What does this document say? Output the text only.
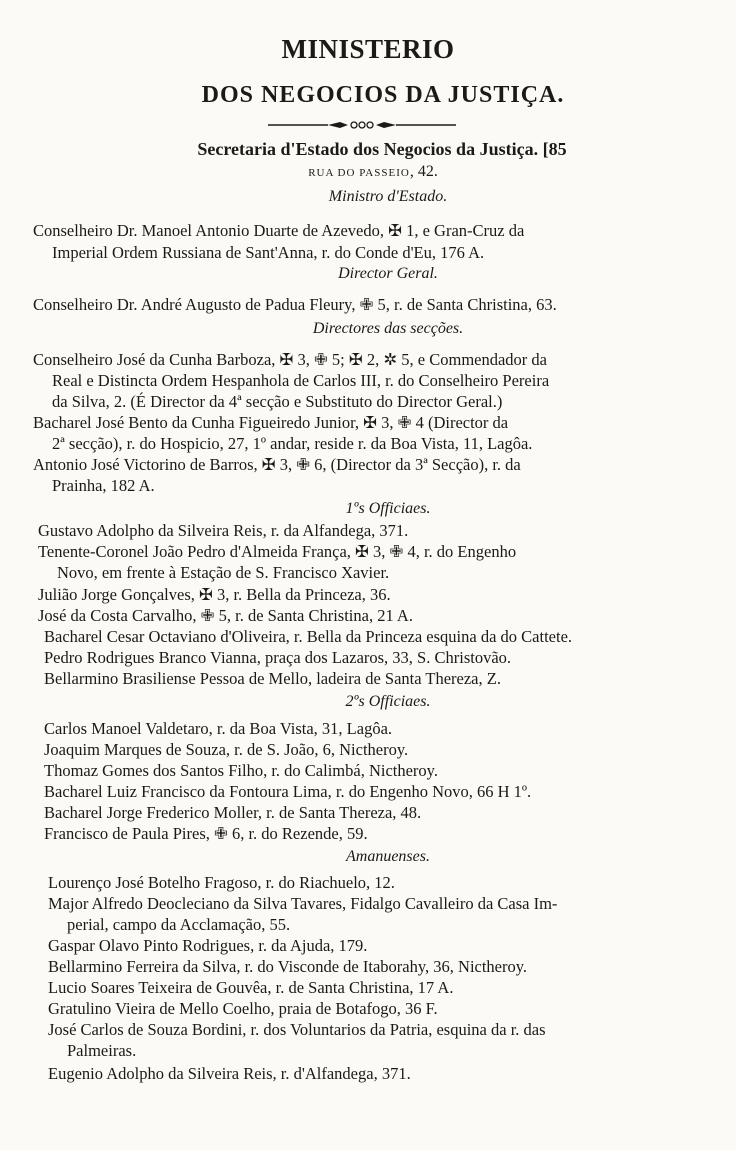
MINISTERIO
DOS NEGOCIOS DA JUSTIÇA.
Secretaria d'Estado dos Negocios da Justiça. [85
RUA DO PASSEIO, 42.
Ministro d'Estado.
Conselheiro Dr. Manoel Antonio Duarte de Azevedo, ✠ 1, e Gran-Cruz da
Imperial Ordem Russiana de Sant'Anna, r. do Conde d'Eu, 176 A.
Director Geral.
Conselheiro Dr. André Augusto de Padua Fleury, ✙ 5, r. de Santa Christina, 63.
Directores das secções.
Conselheiro José da Cunha Barboza, ✠ 3, ✙ 5; ✠ 2, ✲ 5, e Commendador da
Real e Distincta Ordem Hespanhola de Carlos III, r. do Conselheiro Pereira
da Silva, 2. (É Director da 4ª secção e Substituto do Director Geral.)
Bacharel José Bento da Cunha Figueiredo Junior, ✠ 3, ✙ 4 (Director da
2ª secção), r. do Hospicio, 27, 1º andar, reside r. da Boa Vista, 11, Lagôa.
Antonio José Victorino de Barros, ✠ 3, ✙ 6, (Director da 3ª Secção), r. da
Prainha, 182 A.
1ºs Officiaes.
Gustavo Adolpho da Silveira Reis, r. da Alfandega, 371.
Tenente-Coronel João Pedro d'Almeida França, ✠ 3, ✙ 4, r. do Engenho
Novo, em frente à Estação de S. Francisco Xavier.
Julião Jorge Gonçalves, ✠ 3, r. Bella da Princeza, 36.
José da Costa Carvalho, ✙ 5, r. de Santa Christina, 21 A.
Bacharel Cesar Octaviano d'Oliveira, r. Bella da Princeza esquina da do Cattete.
Pedro Rodrigues Branco Vianna, praça dos Lazaros, 33, S. Christovão.
Bellarmino Brasiliense Pessoa de Mello, ladeira de Santa Thereza, Z.
2ºs Officiaes.
Carlos Manoel Valdetaro, r. da Boa Vista, 31, Lagôa.
Joaquim Marques de Souza, r. de S. João, 6, Nictheroy.
Thomaz Gomes dos Santos Filho, r. do Calimbá, Nictheroy.
Bacharel Luiz Francisco da Fontoura Lima, r. do Engenho Novo, 66 H 1º.
Bacharel Jorge Frederico Moller, r. de Santa Thereza, 48.
Francisco de Paula Pires, ✙ 6, r. do Rezende, 59.
Amanuenses.
Lourenço José Botelho Fragoso, r. do Riachuelo, 12.
Major Alfredo Deocleciano da Silva Tavares, Fidalgo Cavalleiro da Casa Im-
perial, campo da Acclamação, 55.
Gaspar Olavo Pinto Rodrigues, r. da Ajuda, 179.
Bellarmino Ferreira da Silva, r. do Visconde de Itaborahy, 36, Nictheroy.
Lucio Soares Teixeira de Gouvêa, r. de Santa Christina, 17 A.
Gratulino Vieira de Mello Coelho, praia de Botafogo, 36 F.
José Carlos de Souza Bordini, r. dos Voluntarios da Patria, esquina da r. das
Palmeiras.
Eugenio Adolpho da Silveira Reis, r. d'Alfandega, 371.
